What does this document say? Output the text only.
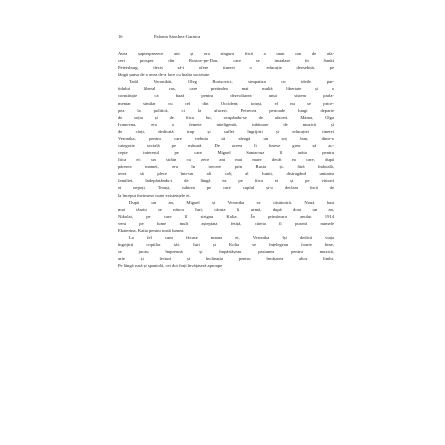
16	Paloma Sánchez-Garnica

Avea șaptesprezece ani și era singura fiică a unui om de afa-
ceri prosper din Rostov-pe-Don, care se instalase în Sankt
Petersburg, decis să-i ofere tinerei o educație deosebită, pe
lângă șansa de a avea de-a face cu înalta societate.

Tatăl Veronikăi, Oleg Borisovici, simpatiza cu ideile par-
tidului liberal rus, care pretindea mai multă libertate și o
constituție ca bază pentru dezvoltarea unui sistem parla-
mentar similar cu cel din Occident; totuși, el nu se price-
pea la politică, ci la afaceri. Petrecea perioade lungi departe
de soția și de fiica lui, ocupându-se de afaceri. Mama, Olga
Ivanovna, era o femeie inteligentă, iubitoare de muzică și
de cărți, dedicată trup și suflet îngrijirii și educației tinerei
Veronika, pentru care trebuia să aleagă un soț bun, dintr-o
categorie socială pe măsură. De aceea îi fusese greu să ac-
cepte interesul pe care Miguel Santacruz îl arăta pentru
fiica ei: un străin cu zece ani mai mare decât ea care, după
părerea mamei, era în trecere prin Rusia și, fără îndoială,
avea să plece într-un alt colț al lumii, distrugând unitatea
familiei, îndepărtându-i de lângă ea pe fiica ei și pe viitorii
ei nepoți. Totuși, iubirea pe care cuplul și-o declara încă de
la început învinsese toate existențele ei.

După un an, Miguel și Veronika se căsătoriră. Nouă luni
mai târziu se născu Iuri, căruia îi urmă, după doar un an,
Nikolai, pe care îl strigau Kolia. În primăvara anului 1914
veni pe lume mult așteptata fetiță, căreia îi puseră numele
Ekaterina, Katia pentru toată lumea.

La fel cum făcuse mama ei, Veronika își dedică viața
îngrijirii copiilor săi. Iuri și Kolia se înțelegeau foarte bine,
se jucau împreună și împărtășeau pasiunea pentru muzică,
arte și lecturi și înclinația pentru învățarea altor limbi.
Pe lângă rusă și spaniolă, cei doi frați învățaseră aproape
